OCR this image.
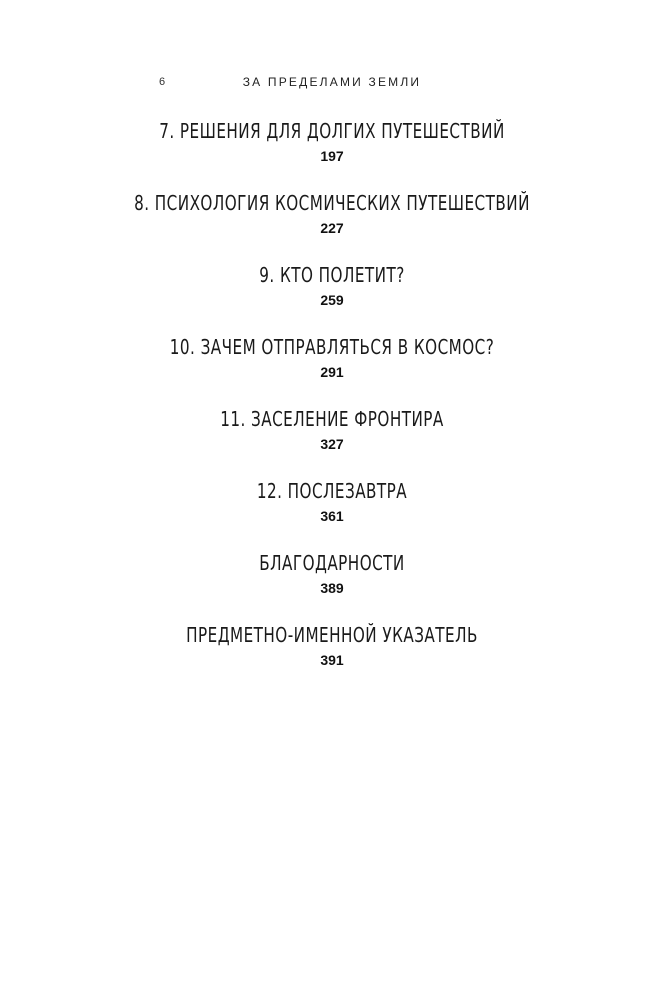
6	ЗА ПРЕДЕЛАМИ ЗЕМЛИ
7. РЕШЕНИЯ ДЛЯ ДОЛГИХ ПУТЕШЕСТВИЙ
197
8. ПСИХОЛОГИЯ КОСМИЧЕСКИХ ПУТЕШЕСТВИЙ
227
9. КТО ПОЛЕТИТ?
259
10. ЗАЧЕМ ОТПРАВЛЯТЬСЯ В КОСМОС?
291
11. ЗАСЕЛЕНИЕ ФРОНТИРА
327
12. ПОСЛЕЗАВТРА
361
БЛАГОДАРНОСТИ
389
ПРЕДМЕТНО-ИМЕННОЙ УКАЗАТЕЛЬ
391
